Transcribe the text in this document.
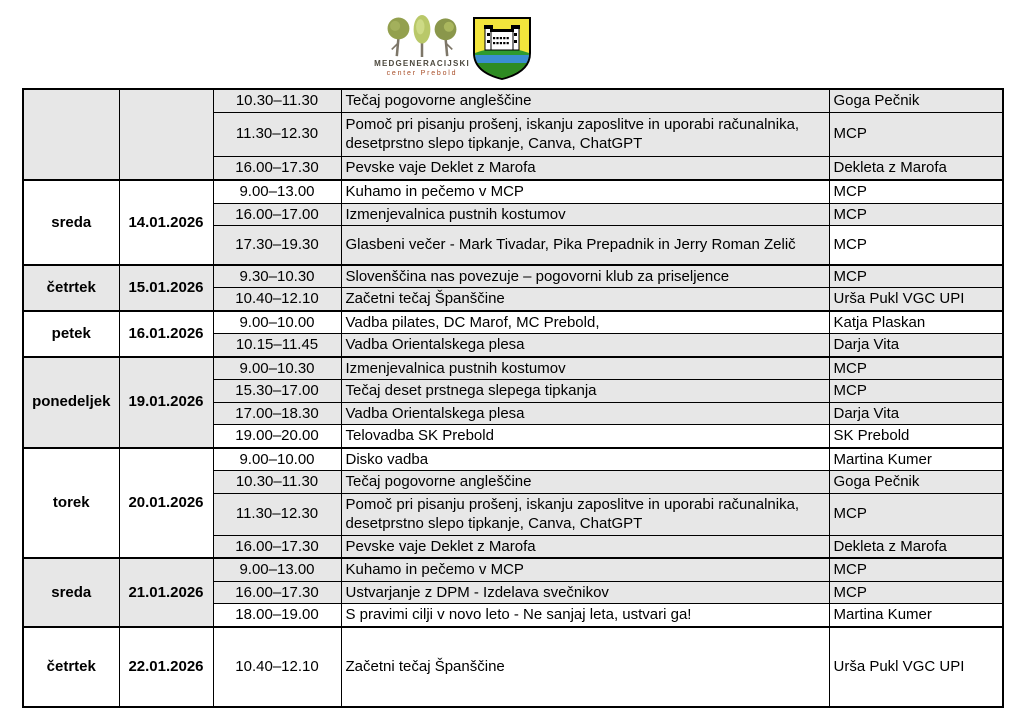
MEDGENERACIJSKI
center Prebold
		10.30–11.30	Tečaj pogovorne angleščine	Goga Pečnik
		11.30–12.30	Pomoč pri pisanju prošenj, iskanju zaposlitve in uporabi računalnika, desetprstno slepo tipkanje, Canva, ChatGPT	MCP
		16.00–17.30	Pevske vaje Deklet z Marofa	Dekleta z Marofa
sreda	14.01.2026	9.00–13.00	Kuhamo in pečemo v MCP	MCP
		16.00–17.00	Izmenjevalnica pustnih kostumov	MCP
		17.30–19.30	Glasbeni večer - Mark Tivadar, Pika Prepadnik in Jerry Roman Zelič	MCP
četrtek	15.01.2026	9.30–10.30	Slovenščina nas povezuje – pogovorni klub za priseljence	MCP
		10.40–12.10	Začetni tečaj Španščine	Urša Pukl VGC UPI
petek	16.01.2026	9.00–10.00	Vadba pilates, DC Marof, MC Prebold,	Katja Plaskan
		10.15–11.45	Vadba Orientalskega plesa	Darja Vita
ponedeljek	19.01.2026	9.00–10.30	Izmenjevalnica pustnih kostumov	MCP
		15.30–17.00	Tečaj deset prstnega slepega tipkanja	MCP
		17.00–18.30	Vadba Orientalskega plesa	Darja Vita
		19.00–20.00	Telovadba SK Prebold	SK Prebold
torek	20.01.2026	9.00–10.00	Disko vadba	Martina Kumer
		10.30–11.30	Tečaj pogovorne angleščine	Goga Pečnik
		11.30–12.30	Pomoč pri pisanju prošenj, iskanju zaposlitve in uporabi računalnika, desetprstno slepo tipkanje, Canva, ChatGPT	MCP
		16.00–17.30	Pevske vaje Deklet z Marofa	Dekleta z Marofa
sreda	21.01.2026	9.00–13.00	Kuhamo in pečemo v MCP	MCP
		16.00–17.30	Ustvarjanje z DPM - Izdelava svečnikov	MCP
		18.00–19.00	S pravimi cilji v novo leto - Ne sanjaj leta, ustvari ga!	Martina Kumer
četrtek	22.01.2026	10.40–12.10	Začetni tečaj Španščine	Urša Pukl VGC UPI
